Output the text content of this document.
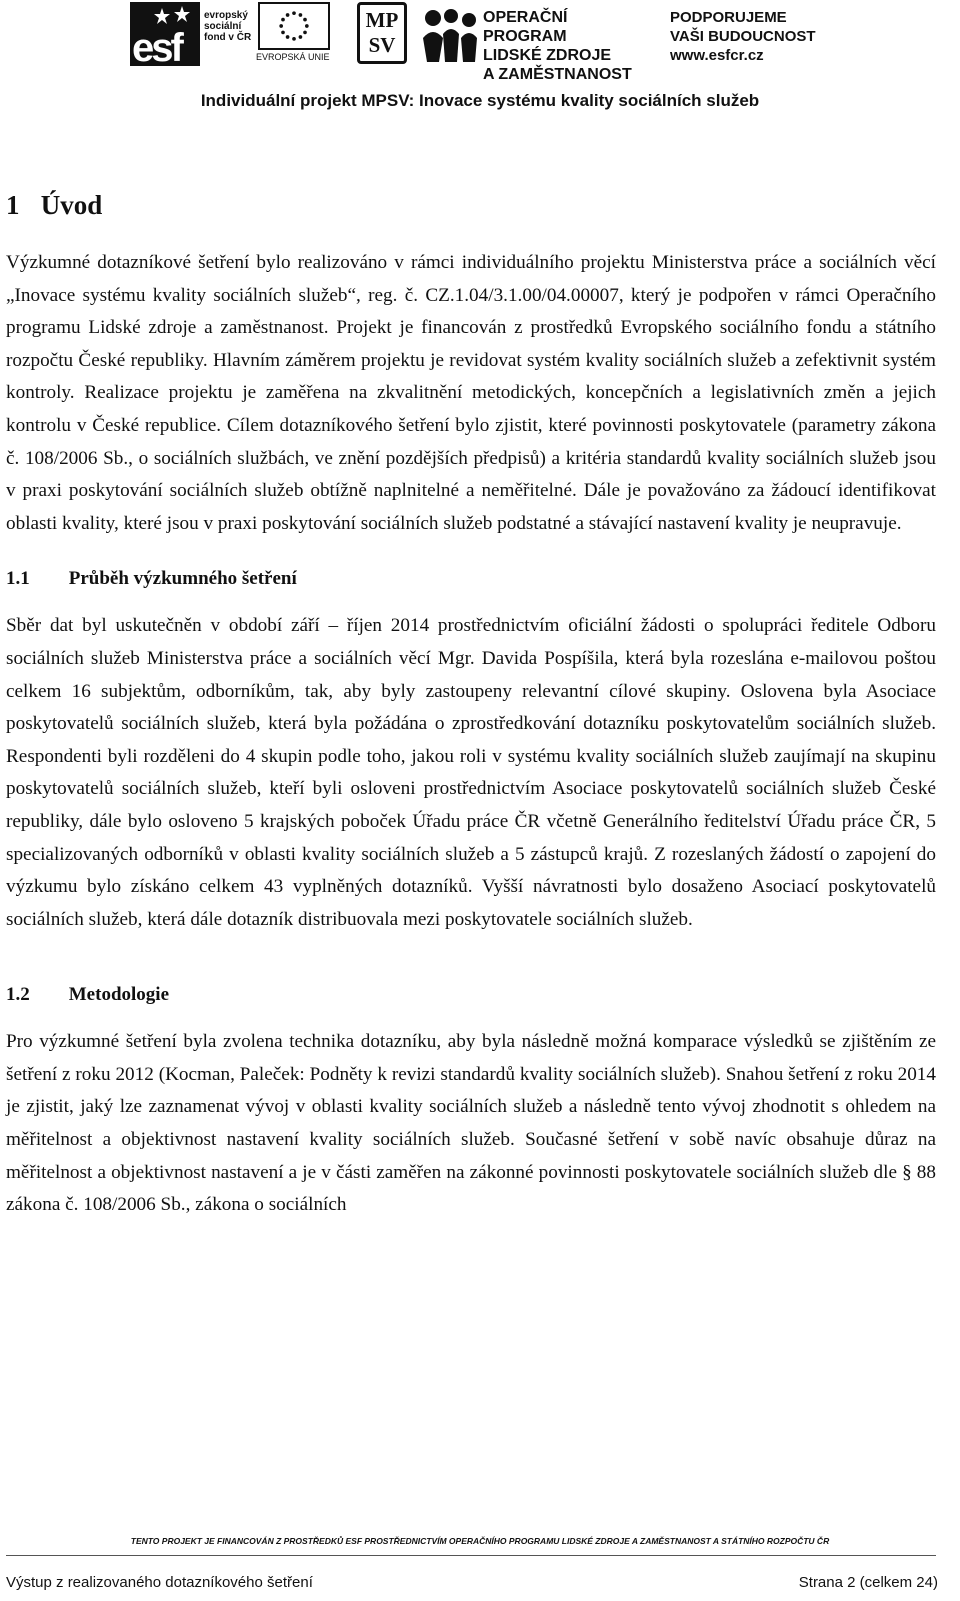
esf
evropský
sociální
fond v ČR
EVROPSKÁ UNIE
MP
SV
OPERAČNÍ PROGRAM
LIDSKÉ ZDROJE
A ZAMĚSTNANOST
PODPORUJEME
VAŠI BUDOUCNOST
www.esfcr.cz
Individuální projekt MPSV: Inovace systému kvality sociálních služeb
1 Úvod

Výzkumné dotazníkové šetření bylo realizováno v rámci individuálního projektu Ministerstva práce a sociálních věcí „Inovace systému kvality sociálních služeb“, reg. č. CZ.1.04/3.1.00/04.00007, který je podpořen v rámci Operačního programu Lidské zdroje a zaměstnanost. Projekt je financován z prostředků Evropského sociálního fondu a státního rozpočtu České republiky. Hlavním záměrem projektu je revidovat systém kvality sociálních služeb a zefektivnit systém kontroly. Realizace projektu je zaměřena na zkvalitnění metodických, koncepčních a legislativních změn a jejich kontrolu v České republice. Cílem dotazníkového šetření bylo zjistit, které povinnosti poskytovatele (parametry zákona č. 108/2006 Sb., o sociálních službách, ve znění pozdějších předpisů) a kritéria standardů kvality sociálních služeb jsou v praxi poskytování sociálních služeb obtížně naplnitelné a neměřitelné. Dále je považováno za žádoucí identifikovat oblasti kvality, které jsou v praxi poskytování sociálních služeb podstatné a stávající nastavení kvality je neupravuje.

1.1 Průběh výzkumného šetření

Sběr dat byl uskutečněn v období září – říjen 2014 prostřednictvím oficiální žádosti o spolupráci ředitele Odboru sociálních služeb Ministerstva práce a sociálních věcí Mgr. Davida Pospíšila, která byla rozeslána e-mailovou poštou celkem 16 subjektům, odborníkům, tak, aby byly zastoupeny relevantní cílové skupiny. Oslovena byla Asociace poskytovatelů sociálních služeb, která byla požádána o zprostředkování dotazníku poskytovatelům sociálních služeb. Respondenti byli rozděleni do 4 skupin podle toho, jakou roli v systému kvality sociálních služeb zaujímají na skupinu poskytovatelů sociálních služeb, kteří byli osloveni prostřednictvím Asociace poskytovatelů sociálních služeb České republiky, dále bylo osloveno 5 krajských poboček Úřadu práce ČR včetně Generálního ředitelství Úřadu práce ČR, 5 specializovaných odborníků v oblasti kvality sociálních služeb a 5 zástupců krajů. Z rozeslaných žádostí o zapojení do výzkumu bylo získáno celkem 43 vyplněných dotazníků. Vyšší návratnosti bylo dosaženo Asociací poskytovatelů sociálních služeb, která dále dotazník distribuovala mezi poskytovatele sociálních služeb.

1.2 Metodologie

Pro výzkumné šetření byla zvolena technika dotazníku, aby byla následně možná komparace výsledků se zjištěním ze šetření z roku 2012 (Kocman, Paleček: Podněty k revizi standardů kvality sociálních služeb). Snahou šetření z roku 2014 je zjistit, jaký lze zaznamenat vývoj v oblasti kvality sociálních služeb a následně tento vývoj zhodnotit s ohledem na měřitelnost a objektivnost nastavení kvality sociálních služeb. Současné šetření v sobě navíc obsahuje důraz na měřitelnost a objektivnost nastavení a je v části zaměřen na zákonné povinnosti poskytovatele sociálních služeb dle § 88 zákona č. 108/2006 Sb., zákona o sociálních

TENTO PROJEKT JE FINANCOVÁN Z PROSTŘEDKŮ ESF PROSTŘEDNICTVÍM OPERAČNÍHO PROGRAMU LIDSKÉ ZDROJE A ZAMĚSTNANOST A STÁTNÍHO ROZPOČTU ČR
Výstup z realizovaného dotazníkového šetření	Strana 2 (celkem 24)
